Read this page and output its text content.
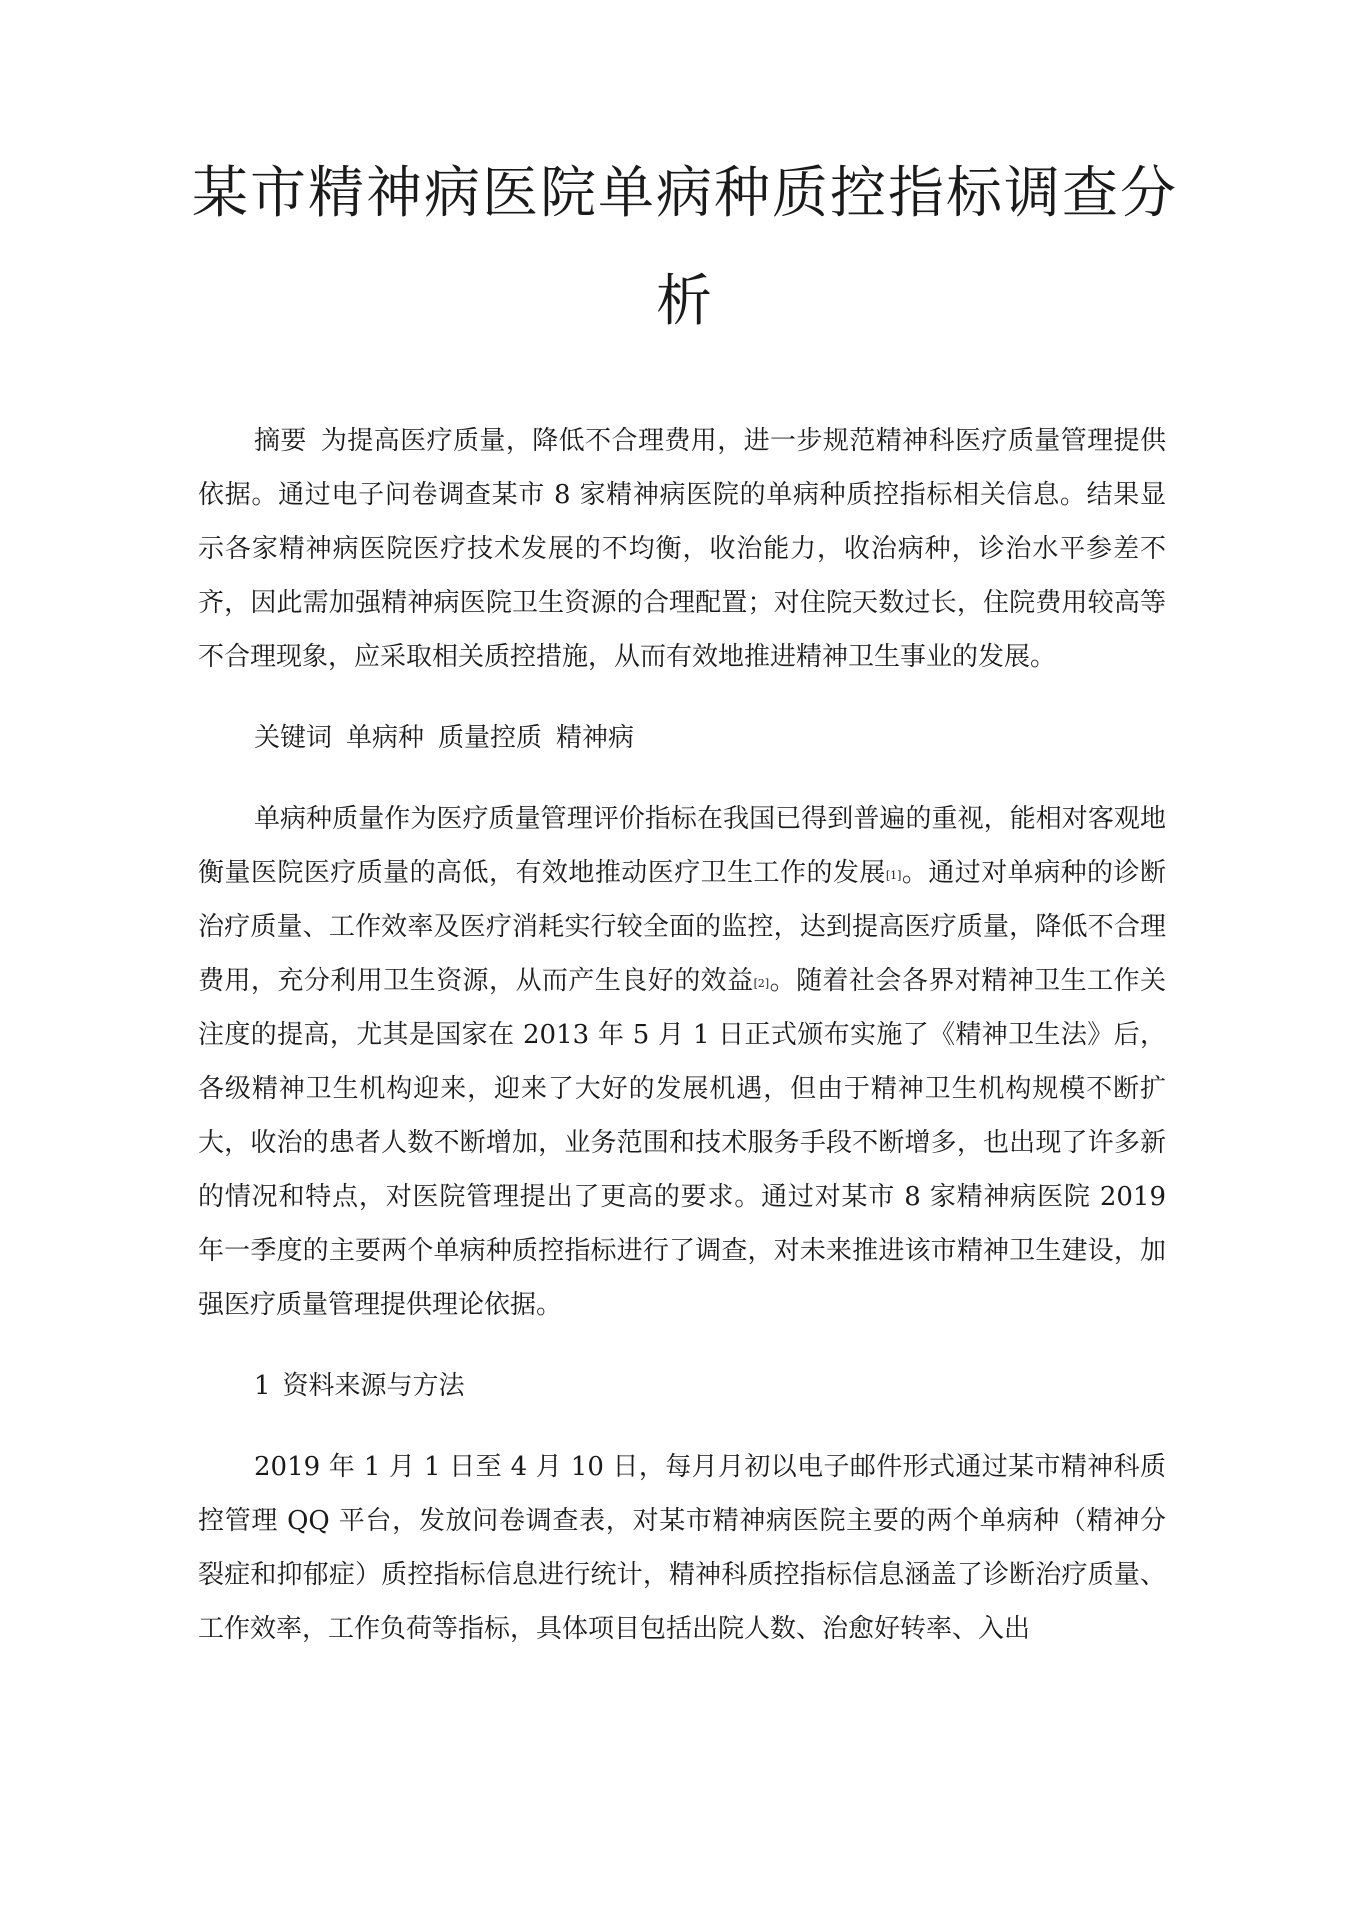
某市精神病医院单病种质控指标调查分析

摘要 为提高医疗质量，降低不合理费用，进一步规范精神科医疗质量管理提供依据。通过电子问卷调查某市 8 家精神病医院的单病种质控指标相关信息。结果显示各家精神病医院医疗技术发展的不均衡，收治能力，收治病种，诊治水平参差不齐，因此需加强精神病医院卫生资源的合理配置；对住院天数过长，住院费用较高等不合理现象，应采取相关质控措施，从而有效地推进精神卫生事业的发展。

关键词 单病种 质量控质 精神病

单病种质量作为医疗质量管理评价指标在我国已得到普遍的重视，能相对客观地衡量医院医疗质量的高低，有效地推动医疗卫生工作的发展[1]。通过对单病种的诊断治疗质量、工作效率及医疗消耗实行较全面的监控，达到提高医疗质量，降低不合理费用，充分利用卫生资源，从而产生良好的效益[2]。随着社会各界对精神卫生工作关注度的提高，尤其是国家在 2013 年 5 月 1 日正式颁布实施了《精神卫生法》后，各级精神卫生机构迎来，迎来了大好的发展机遇，但由于精神卫生机构规模不断扩大，收治的患者人数不断增加，业务范围和技术服务手段不断增多，也出现了许多新的情况和特点，对医院管理提出了更高的要求。通过对某市 8 家精神病医院 2019 年一季度的主要两个单病种质控指标进行了调查，对未来推进该市精神卫生建设，加强医疗质量管理提供理论依据。

1 资料来源与方法

2019 年 1 月 1 日至 4 月 10 日，每月月初以电子邮件形式通过某市精神科质控管理 QQ 平台，发放问卷调查表，对某市精神病医院主要的两个单病种（精神分裂症和抑郁症）质控指标信息进行统计，精神科质控指标信息涵盖了诊断治疗质量、工作效率，工作负荷等指标，具体项目包括出院人数、治愈好转率、入出
